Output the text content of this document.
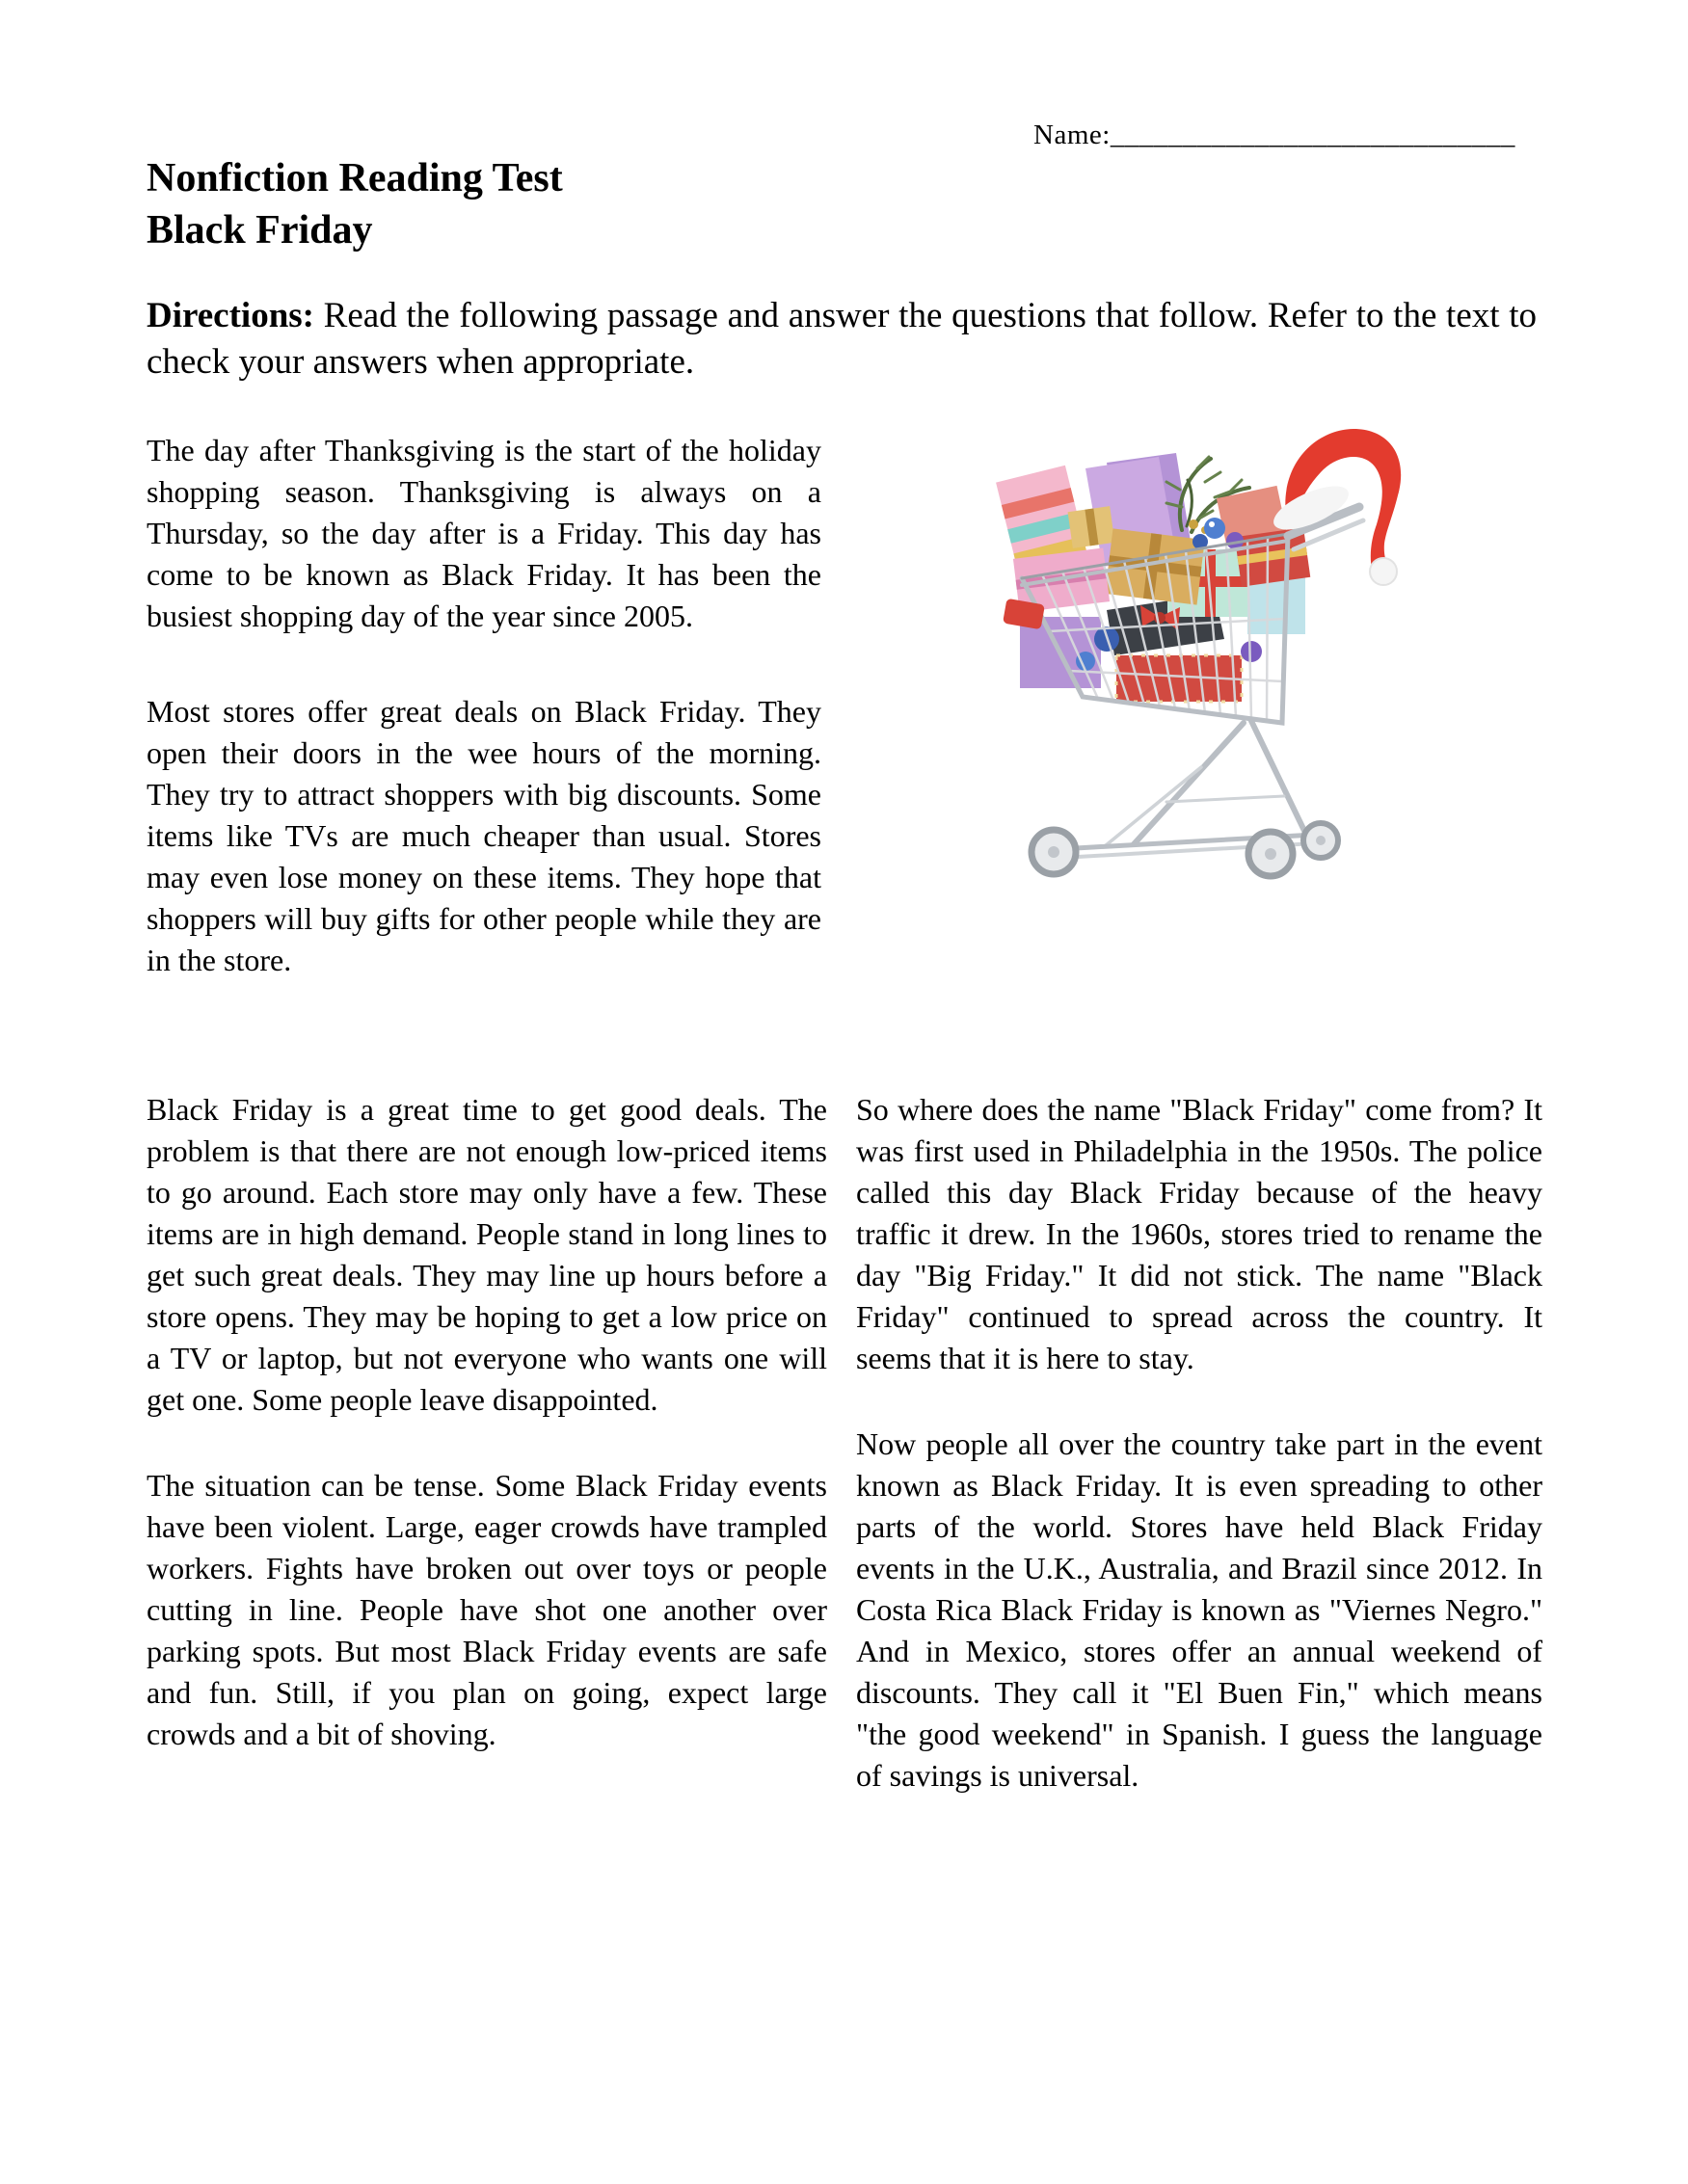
Name:____________________________
Nonfiction Reading Test
Black Friday
Directions: Read the following passage and answer the questions that follow. Refer to the text to check your answers when appropriate.

The day after Thanksgiving is the start of the holiday shopping season. Thanksgiving is always on a Thursday, so the day after is a Friday. This day has come to be known as Black Friday. It has been the busiest shopping day of the year since 2005.

Most stores offer great deals on Black Friday. They open their doors in the wee hours of the morning. They try to attract shoppers with big discounts. Some items like TVs are much cheaper than usual. Stores may even lose money on these items. They hope that shoppers will buy gifts for other people while they are in the store.

Black Friday is a great time to get good deals. The problem is that there are not enough low-priced items to go around. Each store may only have a few. These items are in high demand. People stand in long lines to get such great deals. They may line up hours before a store opens. They may be hoping to get a low price on a TV or laptop, but not everyone who wants one will get one. Some people leave disappointed.

The situation can be tense. Some Black Friday events have been violent. Large, eager crowds have trampled workers. Fights have broken out over toys or people cutting in line. People have shot one another over parking spots. But most Black Friday events are safe and fun. Still, if you plan on going, expect large crowds and a bit of shoving.

So where does the name "Black Friday" come from? It was first used in Philadelphia in the 1950s. The police called this day Black Friday because of the heavy traffic it drew. In the 1960s, stores tried to rename the day "Big Friday." It did not stick. The name "Black Friday" continued to spread across the country. It seems that it is here to stay.

Now people all over the country take part in the event known as Black Friday. It is even spreading to other parts of the world. Stores have held Black Friday events in the U.K., Australia, and Brazil since 2012. In Costa Rica Black Friday is known as "Viernes Negro." And in Mexico, stores offer an annual weekend of discounts. They call it "El Buen Fin," which means "the good weekend" in Spanish. I guess the language of savings is universal.
